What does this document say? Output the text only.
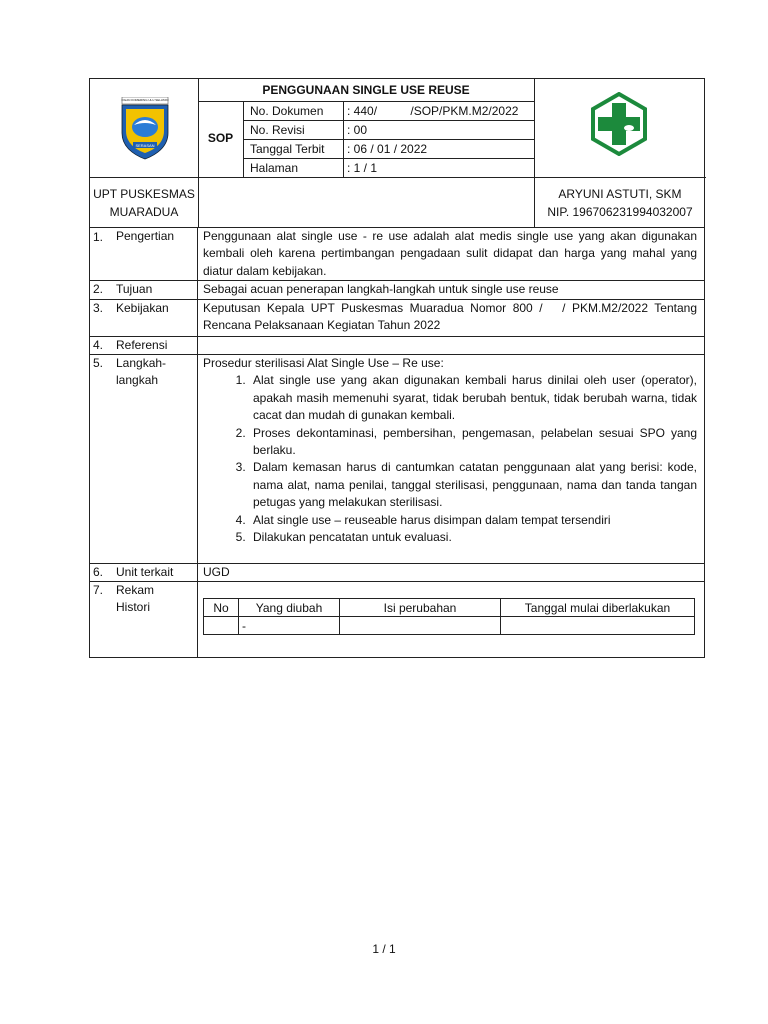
OGAN KOMERING ULU SELATAN
SERASAN
PENGGUNAAN SINGLE USE REUSE
SOP
No. Dokumen : 440/          /SOP/PKM.M2/2022
No. Revisi	: 00
Tanggal Terbit : 06 / 01 / 2022
Halaman	: 1 / 1
UPT PUSKESMAS
MUARADUA
ARYUNI ASTUTI, SKM
NIP. 196706231994032007
1. Pengertian Penggunaan alat single use - re use adalah alat medis single use yang akan digunakan kembali oleh karena pertimbangan pengadaan sulit didapat dan harga yang mahal yang diatur dalam kebijakan.
2. Tujuan	Sebagai acuan penerapan langkah-langkah untuk single use reuse
3. Kebijakan	Keputusan Kepala UPT Puskesmas Muaradua Nomor 800 /   / PKM.M2/2022 Tentang Rencana Pelaksanaan Kegiatan Tahun 2022
4. Referensi
5. Langkah-
langkah

Prosedur sterilisasi Alat Single Use – Re use:

1. Alat single use yang akan digunakan kembali harus dinilai oleh user (operator), apakah masih memenuhi syarat, tidak berubah bentuk, tidak berubah warna, tidak cacat dan mudah di gunakan kembali.
2. Proses dekontaminasi, pembersihan, pengemasan, pelabelan sesuai SPO yang berlaku.
3. Dalam kemasan harus di cantumkan catatan penggunaan alat yang berisi: kode, nama alat, nama penilai, tanggal sterilisasi, penggunaan, nama dan tanda tangan petugas yang melakukan sterilisasi.
4. Alat single use – reuseable harus disimpan dalam tempat tersendiri
5. Dilakukan pencatatan untuk evaluasi.
6. Unit terkait UGD
7. Rekam
Histori	No	Yang diubah	Isi perubahan	Tanggal mulai diberlakukan
	-		
1 / 1
